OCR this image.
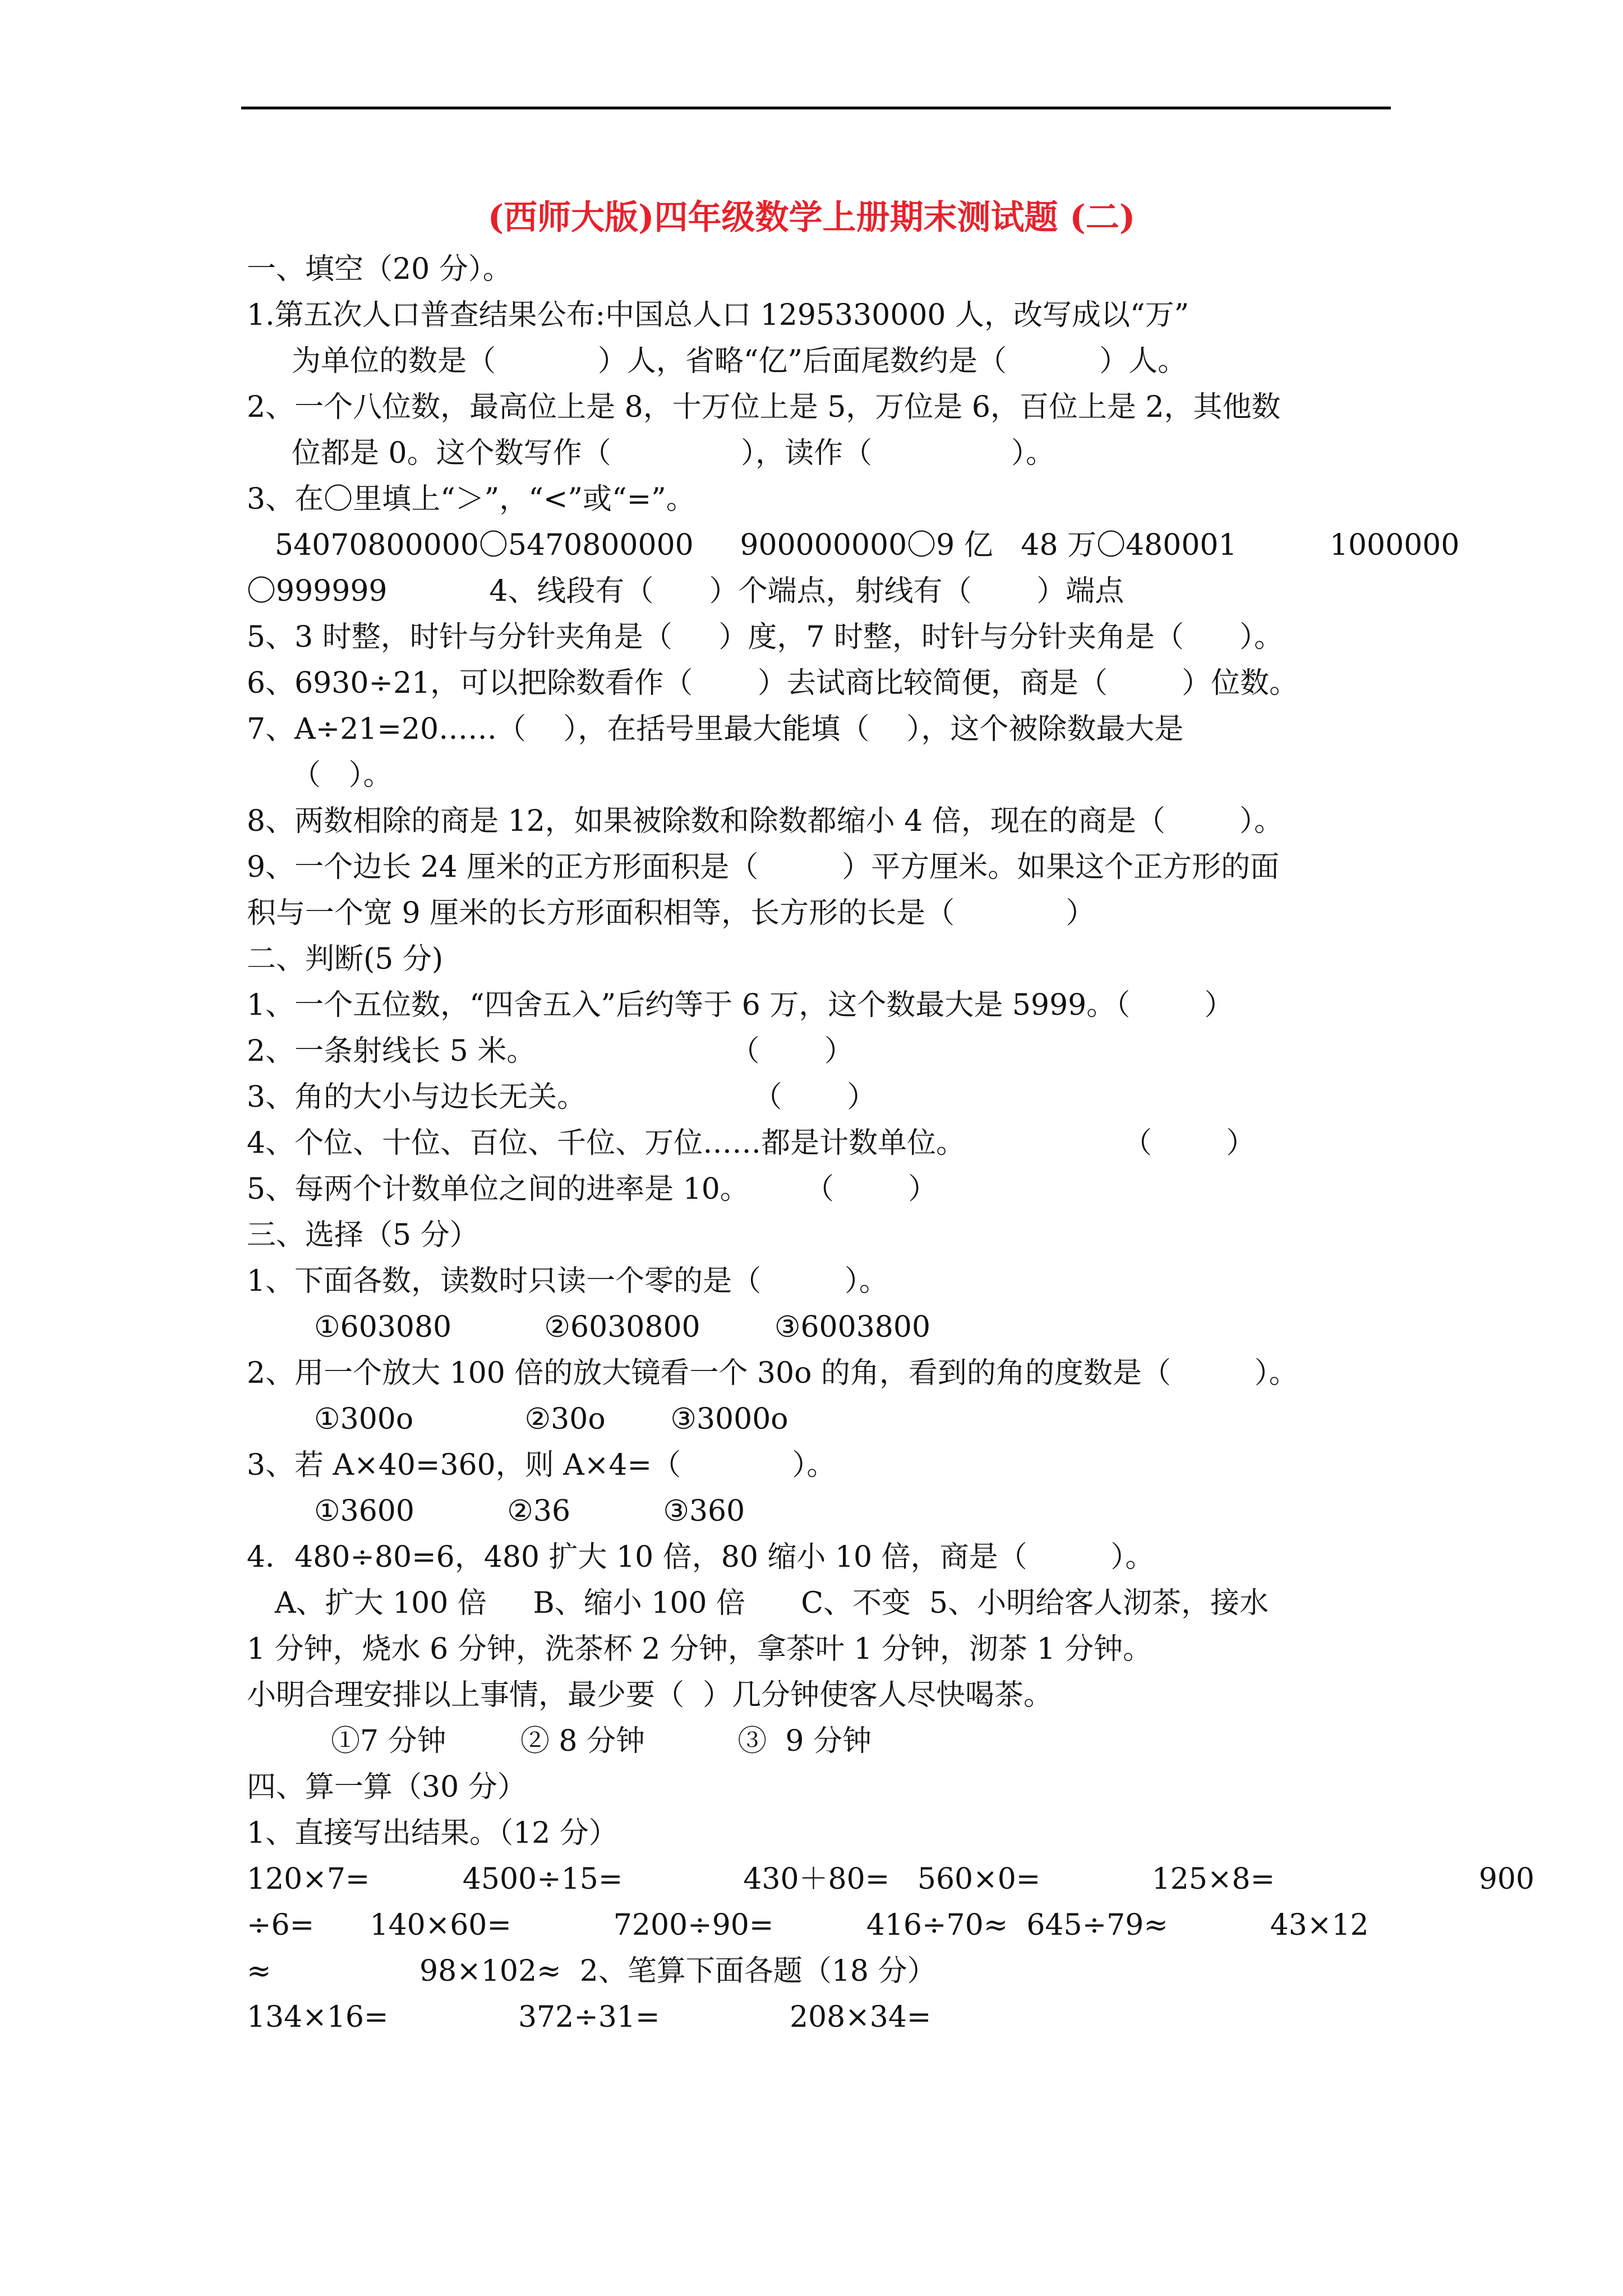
(西师大版)四年级数学上册期末测试题 (二)
一、填空（20 分）。
1.第五次人口普查结果公布:中国总人口 1295330000 人，改写成以“万”
为单位的数是（           ）人，省略“亿”后面尾数约是（          ）人。
2、一个八位数，最高位上是 8，十万位上是 5，万位是 6，百位上是 2，其他数
位都是 0。这个数写作（              ），读作（               ）。
3、在〇里填上“＞”，“<”或“=”。
54070800000〇5470800000     900000000〇9 亿   48 万〇480001          1000000
〇999999           4、线段有（      ）个端点，射线有（       ）端点
5、3 时整，时针与分针夹角是（     ）度，7 时整，时针与分针夹角是（      ）。
6、6930÷21，可以把除数看作（       ）去试商比较简便，商是（        ）位数。
7、A÷21=20……（    ），在括号里最大能填（    ），这个被除数最大是
（   ）。
8、两数相除的商是 12，如果被除数和除数都缩小 4 倍，现在的商是（        ）。
9、一个边长 24 厘米的正方形面积是（         ）平方厘米。如果这个正方形的面
积与一个宽 9 厘米的长方形面积相等，长方形的长是（            ）
二、判断(5 分)
1、一个五位数，“四舍五入”后约等于 6 万，这个数最大是 5999。（        ）
2、一条射线长 5 米。                     （       ）
3、角的大小与边长无关。                  （       ）
4、个位、十位、百位、千位、万位……都是计数单位。                 （        ）
5、每两个计数单位之间的进率是 10。      （        ）
三、选择（5 分）
1、下面各数，读数时只读一个零的是（         ）。
①603080          ②6030800        ③6003800
2、用一个放大 100 倍的放大镜看一个 30o 的角，看到的角的度数是（         ）。
①300o            ②30o       ③3000o
3、若 A×40=360，则 A×4=（            ）。
①3600          ②36          ③360
4．480÷80=6，480 扩大 10 倍，80 缩小 10 倍，商是（         ）。
A、扩大 100 倍     B、缩小 100 倍      C、不变  5、小明给客人沏茶，接水
1 分钟，烧水 6 分钟，洗茶杯 2 分钟，拿茶叶 1 分钟，沏茶 1 分钟。
小明合理安排以上事情，最少要（  ）几分钟使客人尽快喝茶。
①7 分钟        ② 8 分钟          ③  9 分钟
四、算一算（30 分）
1、直接写出结果。（12 分）
120×7=          4500÷15=             430＋80=   560×0=            125×8=                      900
÷6=      140×60=           7200÷90=          416÷70≈  645÷79≈           43×12
≈                98×102≈  2、笔算下面各题（18 分）
134×16=              372÷31=              208×34=
